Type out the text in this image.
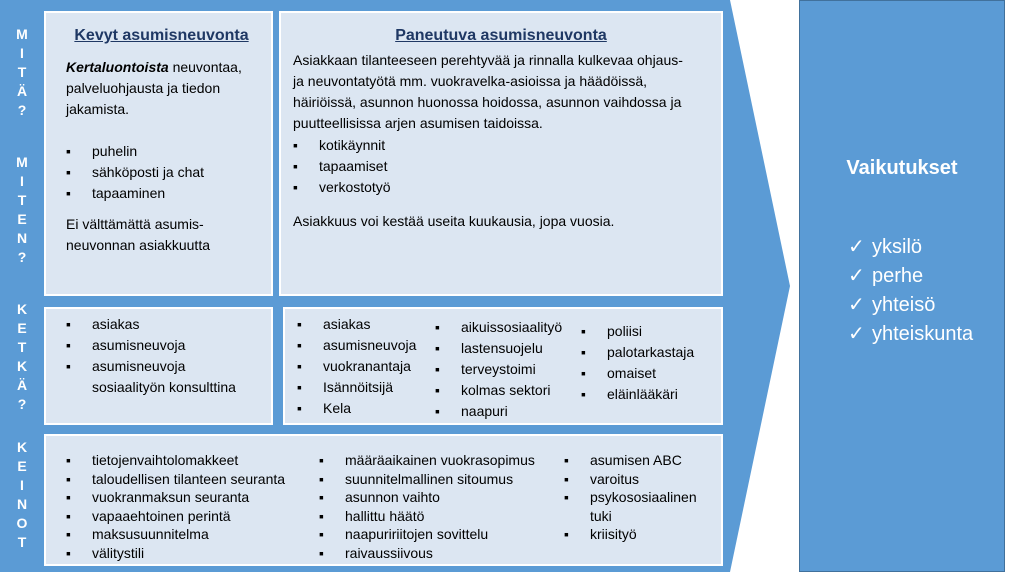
M
I
T
Ä
?
M
I
T
E
N
?
K
E
T
K
Ä
?
K
E
I
N
O
T
Kevyt asumisneuvonta

Kertaluontoista neuvontaa, palveluohjausta ja tiedon jakamista.

▪ puhelin
▪ sähköposti ja chat
▪ tapaaminen

Ei välttämättä asumis-neuvonnan asiakkuutta

Paneutuva asumisneuvonta

Asiakkaan tilanteeseen perehtyvää ja rinnalla kulkevaa ohjaus- ja neuvontatyötä mm. vuokravelka-asioissa ja häädöissä, häiriöissä, asunnon huonossa hoidossa, asunnon vaihdossa ja puutteellisissa arjen asumisen taidoissa.

▪ kotikäynnit
▪ tapaamiset
▪ verkostotyö

Asiakkuus voi kestää useita kuukausia, jopa vuosia.

▪ asiakas
▪ asumisneuvoja
▪ asumisneuvoja sosiaalityön konsulttina
▪ asiakas
▪ asumisneuvoja
▪ vuokranantaja
▪ Isännöitsijä
▪ Kela
▪ aikuissosiaalityö
▪ lastensuojelu
▪ terveystoimi
▪ kolmas sektori
▪ naapuri
▪ poliisi
▪ palotarkastaja
▪ omaiset
▪ eläinlääkäri
▪ tietojenvaihtolomakkeet
▪ taloudellisen tilanteen seuranta
▪ vuokranmaksun seuranta
▪ vapaaehtoinen perintä
▪ maksusuunnitelma
▪ välitystili
▪ määräaikainen vuokrasopimus
▪ suunnitelmallinen sitoumus
▪ asunnon vaihto
▪ hallittu häätö
▪ naapuririitojen sovittelu
▪ raivaussiivous
▪ asumisen ABC
▪ varoitus
▪ psykososiaalinen tuki
▪ kriisityö
Vaikutukset
✓ yksilö
✓ perhe
✓ yhteisö
✓ yhteiskunta
